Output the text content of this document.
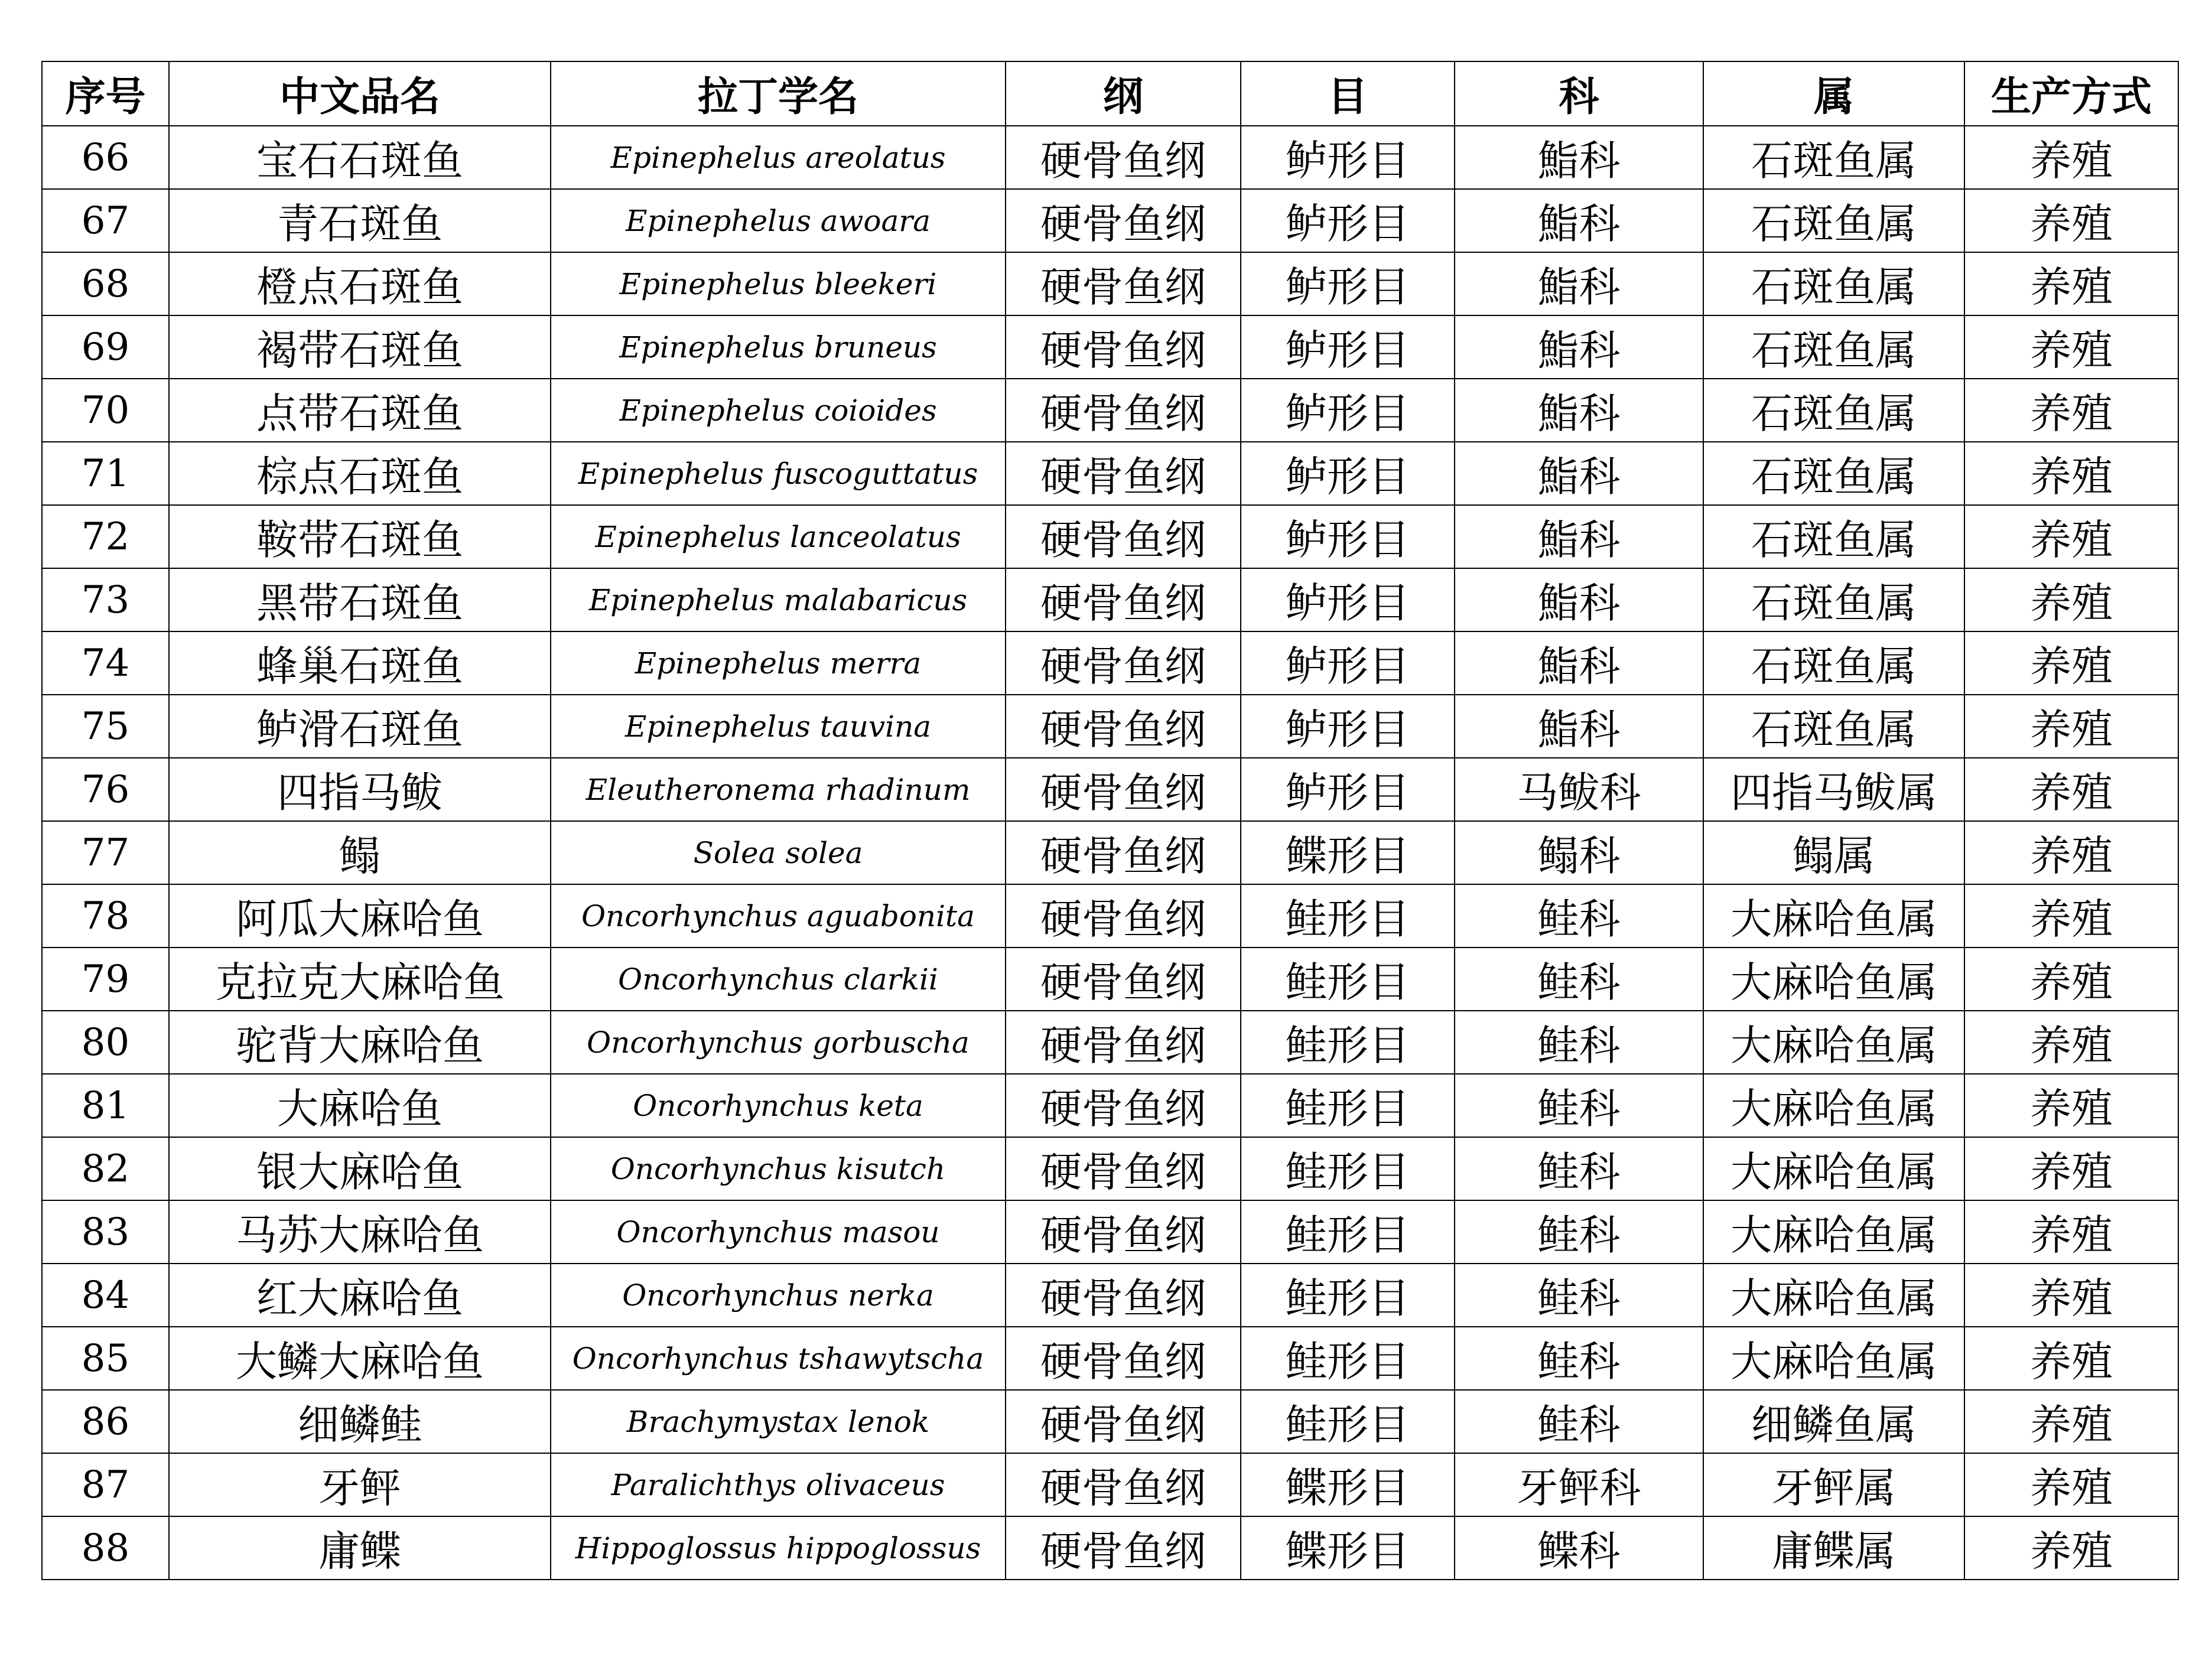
序号	中文品名	拉丁学名	纲	目	科	属	生产方式
66	宝石石斑鱼	Epinephelus areolatus	硬骨鱼纲	鲈形目	鮨科	石斑鱼属	养殖
67	青石斑鱼	Epinephelus awoara	硬骨鱼纲	鲈形目	鮨科	石斑鱼属	养殖
68	橙点石斑鱼	Epinephelus bleekeri	硬骨鱼纲	鲈形目	鮨科	石斑鱼属	养殖
69	褐带石斑鱼	Epinephelus bruneus	硬骨鱼纲	鲈形目	鮨科	石斑鱼属	养殖
70	点带石斑鱼	Epinephelus coioides	硬骨鱼纲	鲈形目	鮨科	石斑鱼属	养殖
71	棕点石斑鱼	Epinephelus fuscoguttatus	硬骨鱼纲	鲈形目	鮨科	石斑鱼属	养殖
72	鞍带石斑鱼	Epinephelus lanceolatus	硬骨鱼纲	鲈形目	鮨科	石斑鱼属	养殖
73	黑带石斑鱼	Epinephelus malabaricus	硬骨鱼纲	鲈形目	鮨科	石斑鱼属	养殖
74	蜂巢石斑鱼	Epinephelus merra	硬骨鱼纲	鲈形目	鮨科	石斑鱼属	养殖
75	鲈滑石斑鱼	Epinephelus tauvina	硬骨鱼纲	鲈形目	鮨科	石斑鱼属	养殖
76	四指马鲅	Eleutheronema rhadinum	硬骨鱼纲	鲈形目	马鲅科	四指马鲅属	养殖
77	鳎	Solea solea	硬骨鱼纲	鲽形目	鳎科	鳎属	养殖
78	阿瓜大麻哈鱼	Oncorhynchus aguabonita	硬骨鱼纲	鲑形目	鲑科	大麻哈鱼属	养殖
79	克拉克大麻哈鱼	Oncorhynchus clarkii	硬骨鱼纲	鲑形目	鲑科	大麻哈鱼属	养殖
80	驼背大麻哈鱼	Oncorhynchus gorbuscha	硬骨鱼纲	鲑形目	鲑科	大麻哈鱼属	养殖
81	大麻哈鱼	Oncorhynchus keta	硬骨鱼纲	鲑形目	鲑科	大麻哈鱼属	养殖
82	银大麻哈鱼	Oncorhynchus kisutch	硬骨鱼纲	鲑形目	鲑科	大麻哈鱼属	养殖
83	马苏大麻哈鱼	Oncorhynchus masou	硬骨鱼纲	鲑形目	鲑科	大麻哈鱼属	养殖
84	红大麻哈鱼	Oncorhynchus nerka	硬骨鱼纲	鲑形目	鲑科	大麻哈鱼属	养殖
85	大鳞大麻哈鱼	Oncorhynchus tshawytscha	硬骨鱼纲	鲑形目	鲑科	大麻哈鱼属	养殖
86	细鳞鲑	Brachymystax lenok	硬骨鱼纲	鲑形目	鲑科	细鳞鱼属	养殖
87	牙鲆	Paralichthys olivaceus	硬骨鱼纲	鲽形目	牙鲆科	牙鲆属	养殖
88	庸鲽	Hippoglossus hippoglossus	硬骨鱼纲	鲽形目	鲽科	庸鲽属	养殖
